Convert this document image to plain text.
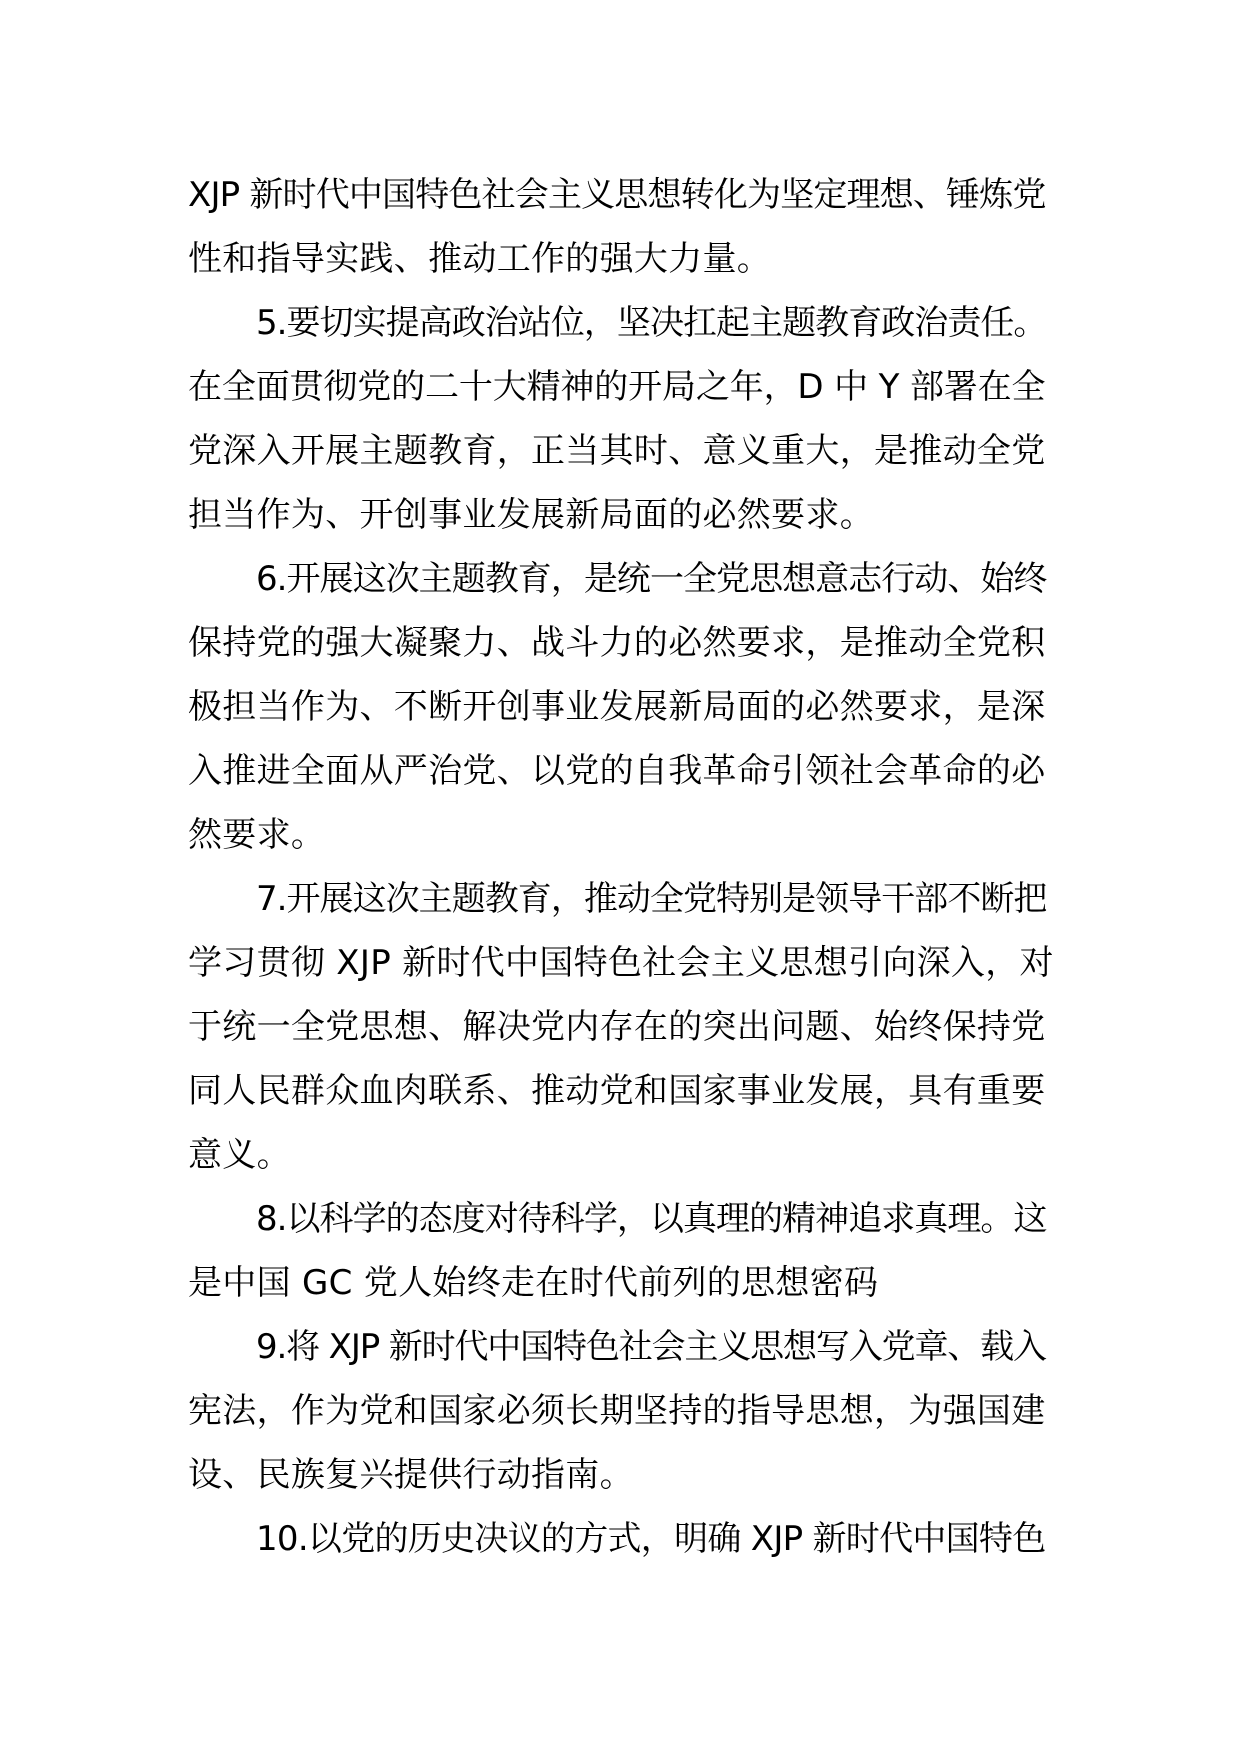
XJP 新时代中国特色社会主义思想转化为坚定理想、锤炼党
性和指导实践、推动工作的强大力量。

5.要切实提高政治站位，坚决扛起主题教育政治责任。
在全面贯彻党的二十大精神的开局之年，D 中 Y 部署在全
党深入开展主题教育，正当其时、意义重大，是推动全党
担当作为、开创事业发展新局面的必然要求。

6.开展这次主题教育，是统一全党思想意志行动、始终
保持党的强大凝聚力、战斗力的必然要求，是推动全党积
极担当作为、不断开创事业发展新局面的必然要求，是深
入推进全面从严治党、以党的自我革命引领社会革命的必
然要求。

7.开展这次主题教育，推动全党特别是领导干部不断把
学习贯彻 XJP 新时代中国特色社会主义思想引向深入，对
于统一全党思想、解决党内存在的突出问题、始终保持党
同人民群众血肉联系、推动党和国家事业发展，具有重要
意义。

8.以科学的态度对待科学，以真理的精神追求真理。这
是中国 GC 党人始终走在时代前列的思想密码

9.将 XJP 新时代中国特色社会主义思想写入党章、载入
宪法，作为党和国家必须长期坚持的指导思想，为强国建
设、民族复兴提供行动指南。

10.以党的历史决议的方式，明确 XJP 新时代中国特色
